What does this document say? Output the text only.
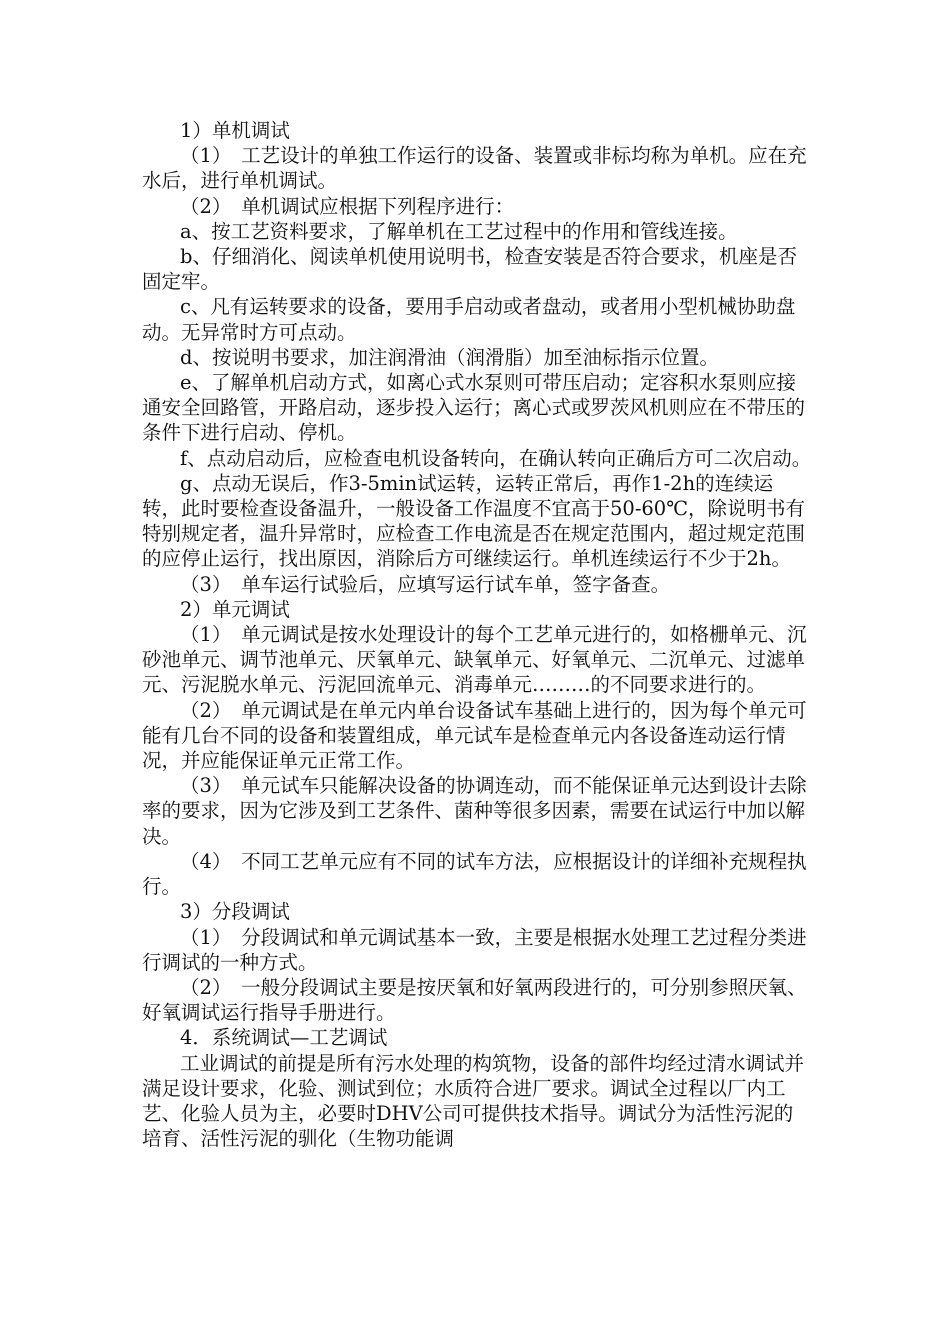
1）单机调试

（1）　工艺设计的单独工作运行的设备、装置或非标均称为单机。应在充水后，进行单机调试。

（2）　单机调试应根据下列程序进行：

a、按工艺资料要求，了解单机在工艺过程中的作用和管线连接。

b、仔细消化、阅读单机使用说明书，检查安装是否符合要求，机座是否固定牢。

c、凡有运转要求的设备，要用手启动或者盘动，或者用小型机械协助盘动。无异常时方可点动。

d、按说明书要求，加注润滑油（润滑脂）加至油标指示位置。

e、了解单机启动方式，如离心式水泵则可带压启动；定容积水泵则应接通安全回路管，开路启动，逐步投入运行；离心式或罗茨风机则应在不带压的条件下进行启动、停机。

f、点动启动后，应检查电机设备转向，在确认转向正确后方可二次启动。

g、点动无误后，作3-5min试运转，运转正常后，再作1-2h的连续运转，此时要检查设备温升，一般设备工作温度不宜高于50-60℃，除说明书有特别规定者，温升异常时，应检查工作电流是否在规定范围内，超过规定范围的应停止运行，找出原因，消除后方可继续运行。单机连续运行不少于2h。

（3）　单车运行试验后，应填写运行试车单，签字备查。

2）单元调试

（1）　单元调试是按水处理设计的每个工艺单元进行的，如格栅单元、沉砂池单元、调节池单元、厌氧单元、缺氧单元、好氧单元、二沉单元、过滤单元、污泥脱水单元、污泥回流单元、消毒单元………的不同要求进行的。

（2）　单元调试是在单元内单台设备试车基础上进行的，因为每个单元可能有几台不同的设备和装置组成，单元试车是检查单元内各设备连动运行情况，并应能保证单元正常工作。

（3）　单元试车只能解决设备的协调连动，而不能保证单元达到设计去除率的要求，因为它涉及到工艺条件、菌种等很多因素，需要在试运行中加以解决。

（4）　不同工艺单元应有不同的试车方法，应根据设计的详细补充规程执行。

3）分段调试

（1）　分段调试和单元调试基本一致，主要是根据水处理工艺过程分类进行调试的一种方式。

（2）　一般分段调试主要是按厌氧和好氧两段进行的，可分别参照厌氧、好氧调试运行指导手册进行。

4．系统调试—工艺调试

工业调试的前提是所有污水处理的构筑物，设备的部件均经过清水调试并满足设计要求，化验、测试到位；水质符合进厂要求。调试全过程以厂内工艺、化验人员为主，必要时DHV公司可提供技术指导。调试分为活性污泥的培育、活性污泥的驯化（生物功能调
